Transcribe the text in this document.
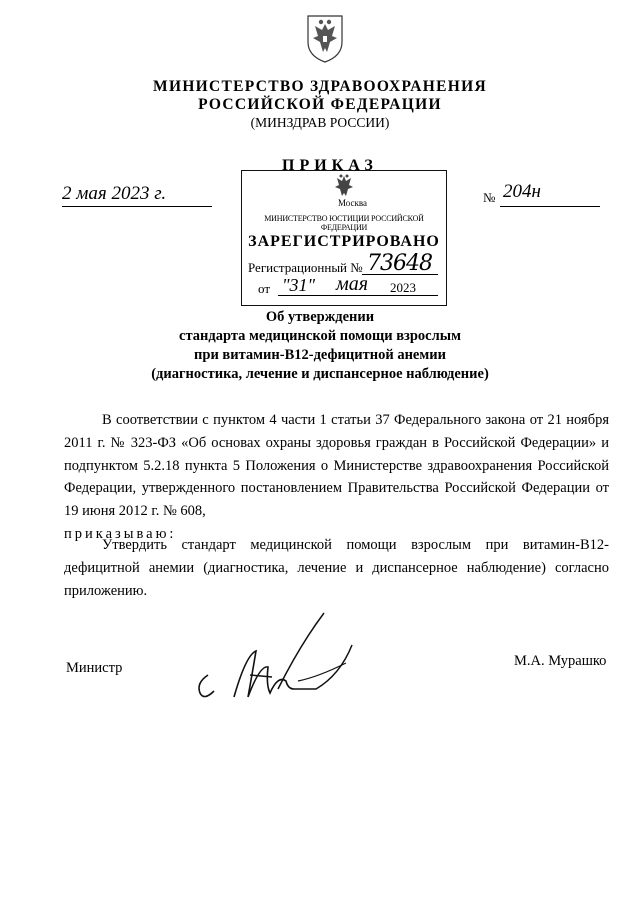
МИНИСТЕРСТВО ЗДРАВООХРАНЕНИЯ
РОССИЙСКОЙ ФЕДЕРАЦИИ
(МИНЗДРАВ РОССИИ)
Москва
МИНИСТЕРСТВО ЮСТИЦИИ РОССИЙСКОЙ ФЕДЕРАЦИИ
ЗАРЕГИСТРИРОВАНО
Регистрационный № 73648
от "31" мая 2023
ПРИКАЗ
2 мая 2023 г.	№ 204н
Об утверждении
стандарта медицинской помощи взрослым
при витамин-В12-дефицитной анемии
(диагностика, лечение и диспансерное наблюдение)
В соответствии с пунктом 4 части 1 статьи 37 Федерального закона от 21 ноября 2011 г. № 323-ФЗ «Об основах охраны здоровья граждан в Российской Федерации» и подпунктом 5.2.18 пункта 5 Положения о Министерстве здравоохранения Российской Федерации, утвержденного постановлением Правительства Российской Федерации от 19 июня 2012 г. № 608,
приказываю:
Утвердить стандарт медицинской помощи взрослым при витамин-В12-дефицитной анемии (диагностика, лечение и диспансерное наблюдение) согласно приложению.
Министр	М.А. Мурашко
